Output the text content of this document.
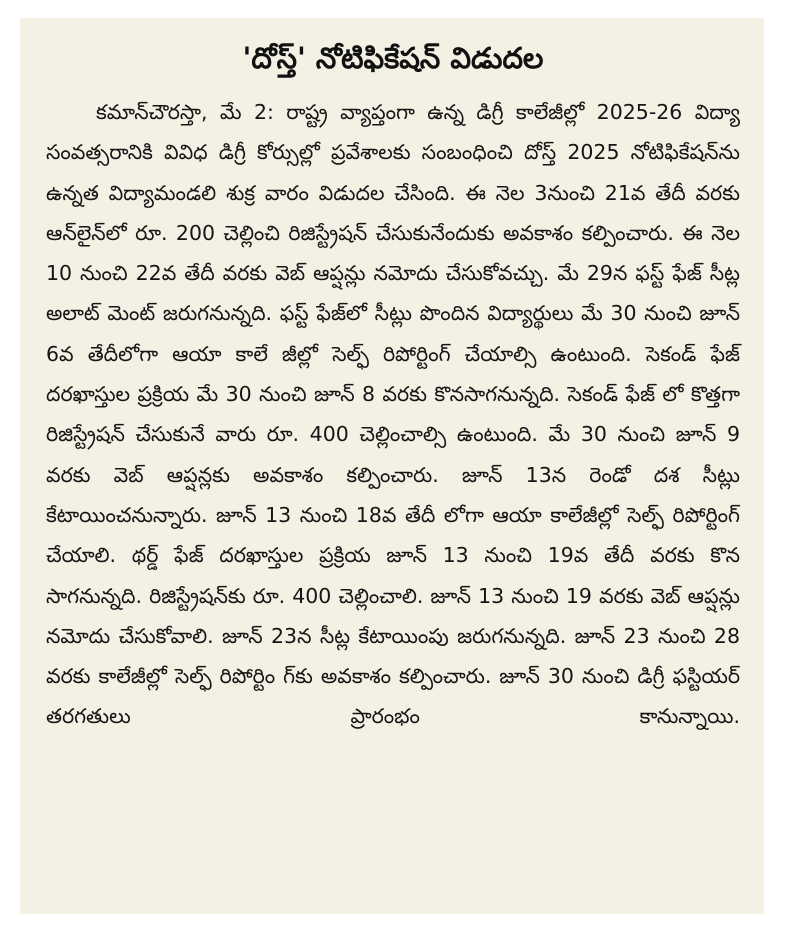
'దోస్త్' నోటిఫికేషన్ విడుదల

కమాన్‌చౌరస్తా, మే 2: రాష్ట్ర వ్యాప్తంగా ఉన్న డిగ్రీ కాలేజీల్లో 2025-26 విద్యా సంవత్సరానికి వివిధ డిగ్రీ కోర్సుల్లో ప్రవేశాలకు సంబంధించి దోస్త్ 2025 నోటిఫికేషన్‌ను ఉన్నత విద్యామండలి శుక్ర వారం విడుదల చేసింది. ఈ నెల 3నుంచి 21వ తేదీ వరకు ఆన్‌లైన్‌లో రూ. 200 చెల్లించి రిజిస్ట్రేషన్ చేసుకునేందుకు అవకాశం కల్పించారు. ఈ నెల 10 నుంచి 22వ తేదీ వరకు వెబ్ ఆప్షన్లు నమోదు చేసుకోవచ్చు. మే 29న ఫస్ట్ ఫేజ్ సీట్ల అలాట్ మెంట్ జరుగనున్నది. ఫస్ట్ ఫేజ్‌లో సీట్లు పొందిన విద్యార్థులు మే 30 నుంచి జూన్ 6వ తేదీలోగా ఆయా కాలే జీల్లో సెల్ఫ్ రిపోర్టింగ్ చేయాల్సి ఉంటుంది. సెకండ్ ఫేజ్ దరఖాస్తుల ప్రక్రియ మే 30 నుంచి జూన్ 8 వరకు కొనసాగనున్నది. సెకండ్ ఫేజ్ లో కొత్తగా రిజిస్ట్రేషన్ చేసుకునే వారు రూ. 400 చెల్లించాల్సి ఉంటుంది. మే 30 నుంచి జూన్ 9 వరకు వెబ్ ఆప్షన్లకు అవకాశం కల్పించారు. జూన్ 13న రెండో దశ సీట్లు కేటాయించనున్నారు. జూన్ 13 నుంచి 18వ తేదీ లోగా ఆయా కాలేజీల్లో సెల్ఫ్ రిపోర్టింగ్ చేయాలి. థర్డ్ ఫేజ్ దరఖాస్తుల ప్రక్రియ జూన్ 13 నుంచి 19వ తేదీ వరకు కొన సాగనున్నది. రిజిస్ట్రేషన్‌కు రూ. 400 చెల్లించాలి. జూన్ 13 నుంచి 19 వరకు వెబ్ ఆప్షన్లు నమోదు చేసుకోవాలి. జూన్ 23న సీట్ల కేటాయింపు జరుగనున్నది. జూన్ 23 నుంచి 28 వరకు కాలేజీల్లో సెల్ఫ్ రిపోర్టిం గ్‌కు అవకాశం కల్పించారు. జూన్ 30 నుంచి డిగ్రీ ఫస్టియర్ తరగతులు ప్రారంభం కానున్నాయి.
